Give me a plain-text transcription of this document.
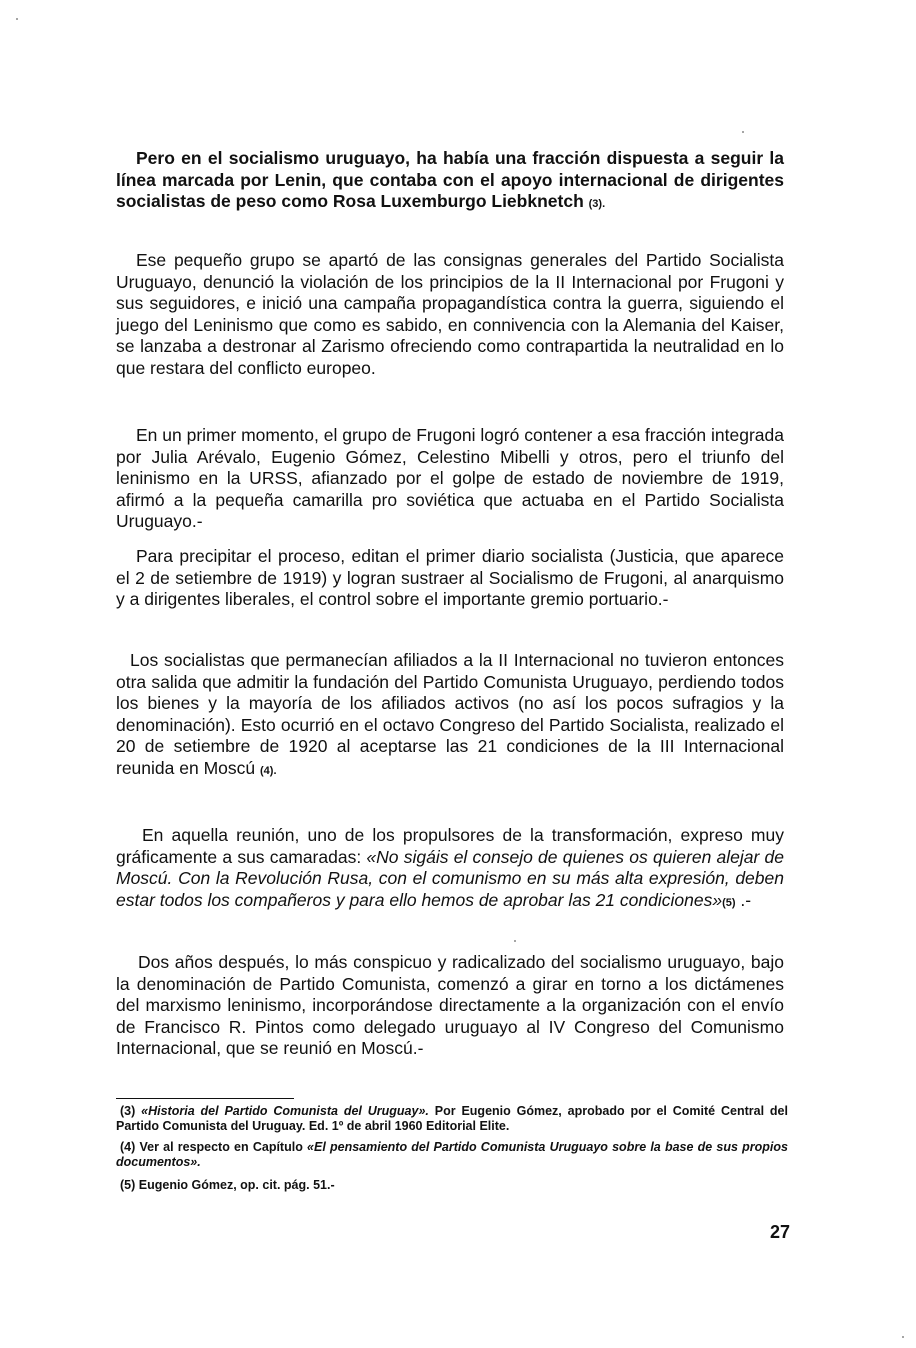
Pero en el socialismo uruguayo, ha había una fracción dispuesta a seguir la línea marcada por Lenin, que contaba con el apoyo internacional de dirigentes socialistas de peso como Rosa Luxemburgo Liebknetch (3).

Ese pequeño grupo se apartó de las consignas generales del Partido Socialista Uruguayo, denunció la violación de los principios de la II Internacional por Frugoni y sus seguidores, e inició una campaña propagandística contra la guerra, siguiendo el juego del Leninismo que como es sabido, en connivencia con la Alemania del Kaiser, se lanzaba a destronar al Zarismo ofreciendo como contrapartida la neutralidad en lo que restara del conflicto europeo.

En un primer momento, el grupo de Frugoni logró contener a esa fracción integrada por Julia Arévalo, Eugenio Gómez, Celestino Mibelli y otros, pero el triunfo del leninismo en la URSS, afianzado por el golpe de estado de noviembre de 1919, afirmó a la pequeña camarilla pro soviética que actuaba en el Partido Socialista Uruguayo.-

Para precipitar el proceso, editan el primer diario socialista (Justicia, que aparece el 2 de setiembre de 1919) y logran sustraer al Socialismo de Frugoni, al anarquismo y a dirigentes liberales, el control sobre el importante gremio portuario.-

Los socialistas que permanecían afiliados a la II Internacional no tuvieron entonces otra salida que admitir la fundación del Partido Comunista Uruguayo, perdiendo todos los bienes y la mayoría de los afiliados activos (no así los pocos sufragios y la denominación). Esto ocurrió en el octavo Congreso del Partido Socialista, realizado el 20 de setiembre de 1920 al aceptarse las 21 condiciones de la III Internacional reunida en Moscú (4).

En aquella reunión, uno de los propulsores de la transformación, expreso muy gráficamente a sus camaradas: «No sigáis el consejo de quienes os quieren alejar de Moscú. Con la Revolución Rusa, con el comunismo en su más alta expresión, deben estar todos los compañeros y para ello hemos de aprobar las 21 condiciones»(5) .-

Dos años después, lo más conspicuo y radicalizado del socialismo uruguayo, bajo la denominación de Partido Comunista, comenzó a girar en torno a los dictámenes del marxismo leninismo, incorporándose directamente a la organización con el envío de Francisco R. Pintos como delegado uruguayo al IV Congreso del Comunismo Internacional, que se reunió en Moscú.-

(3) «Historia del Partido Comunista del Uruguay». Por Eugenio Gómez, aprobado por el Comité Central del Partido Comunista del Uruguay. Ed. 1º de abril 1960 Editorial Elite.

(4) Ver al respecto en Capítulo «El pensamiento del Partido Comunista Uruguayo sobre la base de sus propios documentos».

(5) Eugenio Gómez, op. cit. pág. 51.-

27
